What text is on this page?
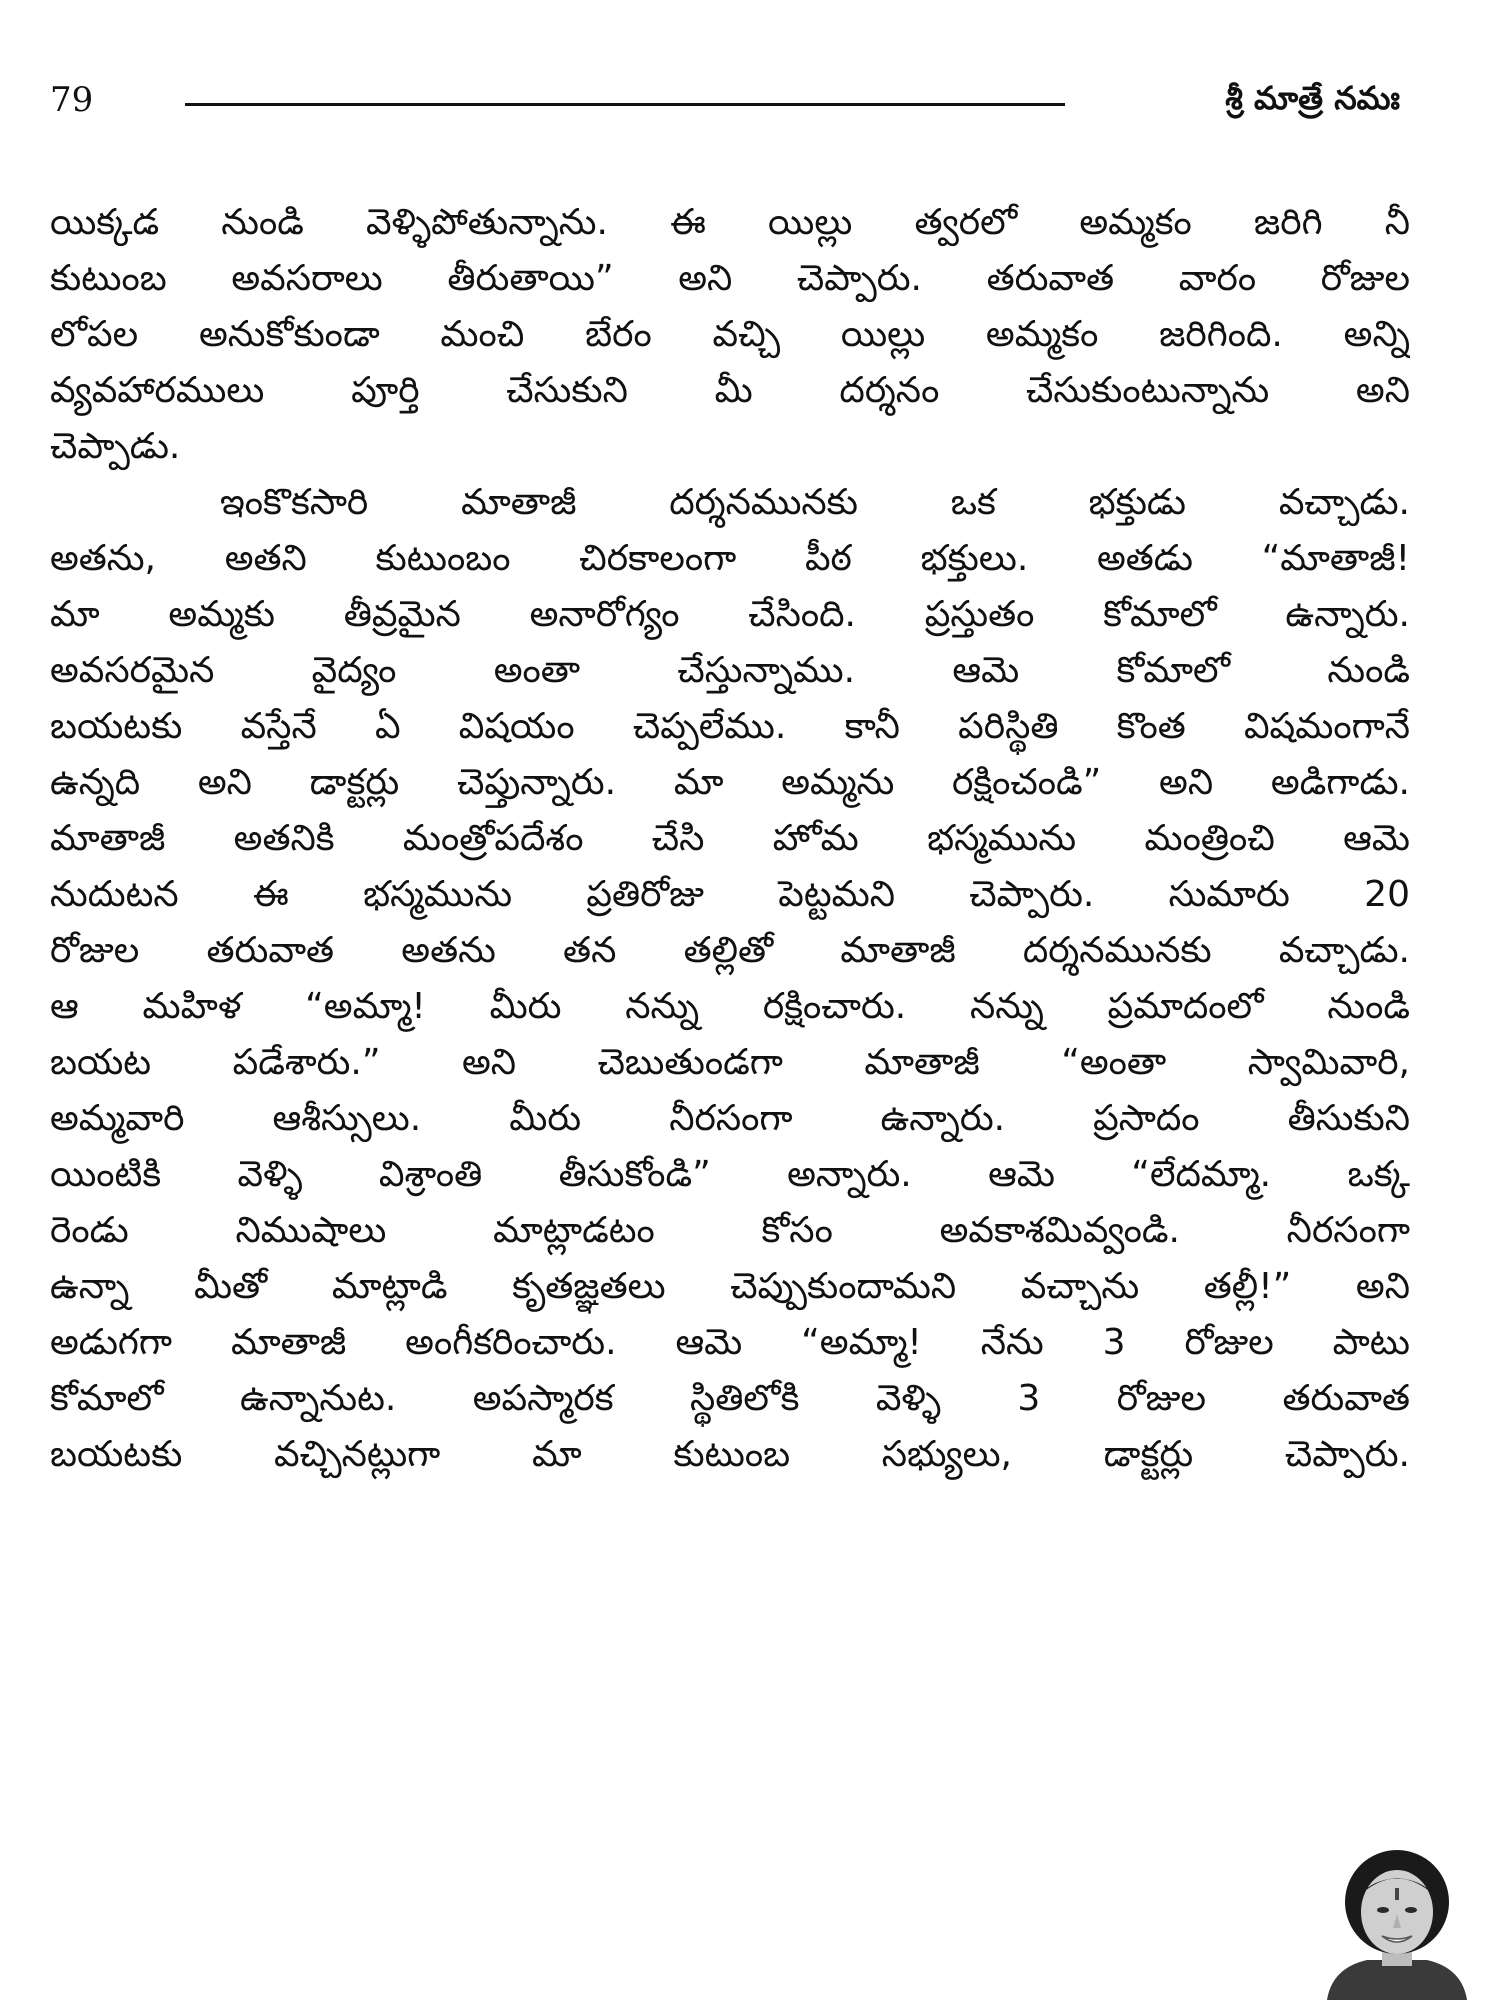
79	శ్రీ మాత్రే నమః
యిక్కడ నుండి వెళ్ళిపోతున్నాను. ఈ యిల్లు త్వరలో అమ్మకం జరిగి నీ
కుటుంబ అవసరాలు తీరుతాయి” అని చెప్పారు. తరువాత వారం రోజుల
లోపల అనుకోకుండా మంచి బేరం వచ్చి యిల్లు అమ్మకం జరిగింది. అన్ని
వ్యవహారములు పూర్తి చేసుకుని మీ దర్శనం చేసుకుంటున్నాను అని
చెప్పాడు.
ఇంకొకసారి మాతాజీ దర్శనమునకు ఒక భక్తుడు వచ్చాడు.
అతను, అతని కుటుంబం చిరకాలంగా పీఠ భక్తులు. అతడు “మాతాజీ!
మా అమ్మకు తీవ్రమైన అనారోగ్యం చేసింది. ప్రస్తుతం కోమాలో ఉన్నారు.
అవసరమైన వైద్యం అంతా చేస్తున్నాము. ఆమె కోమాలో నుండి
బయటకు వస్తేనే ఏ విషయం చెప్పలేము. కానీ పరిస్థితి కొంత విషమంగానే
ఉన్నది అని డాక్టర్లు చెప్తున్నారు. మా అమ్మను రక్షించండి” అని అడిగాడు.
మాతాజీ అతనికి మంత్రోపదేశం చేసి హోమ భస్మమును మంత్రించి ఆమె
నుదుటన ఈ భస్మమును ప్రతిరోజు పెట్టమని చెప్పారు. సుమారు 20
రోజుల తరువాత అతను తన తల్లితో మాతాజీ దర్శనమునకు వచ్చాడు.
ఆ మహిళ “అమ్మా! మీరు నన్ను రక్షించారు. నన్ను ప్రమాదంలో నుండి
బయట పడేశారు.” అని చెబుతుండగా మాతాజీ “అంతా స్వామివారి,
అమ్మవారి ఆశీస్సులు. మీరు నీరసంగా ఉన్నారు. ప్రసాదం తీసుకుని
యింటికి వెళ్ళి విశ్రాంతి తీసుకోండి” అన్నారు. ఆమె “లేదమ్మా. ఒక్క
రెండు నిముషాలు మాట్లాడటం కోసం అవకాశమివ్వండి. నీరసంగా
ఉన్నా మీతో మాట్లాడి కృతజ్ఞతలు చెప్పుకుందామని వచ్చాను తల్లీ!” అని
అడుగగా మాతాజీ అంగీకరించారు. ఆమె “అమ్మా! నేను 3 రోజుల పాటు
కోమాలో ఉన్నానుట. అపస్మారక స్థితిలోకి వెళ్ళి 3 రోజుల తరువాత
బయటకు వచ్చినట్లుగా మా కుటుంబ సభ్యులు, డాక్టర్లు చెప్పారు.
